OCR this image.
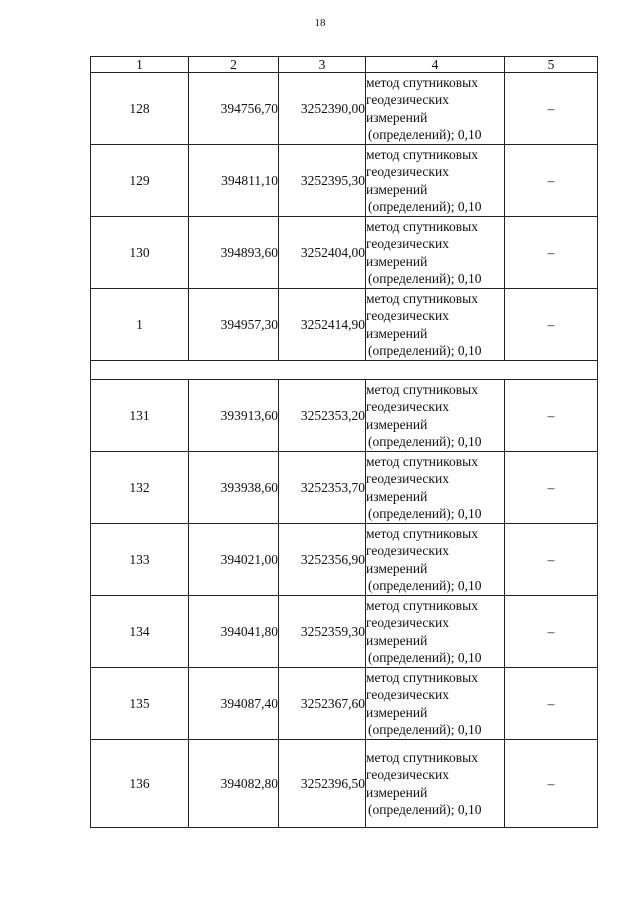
18
1	2	3	4	5
128	394756,70	3252390,00	метод спутниковых
геодезических
измерений
(определений); 0,10	–
129	394811,10	3252395,30	метод спутниковых
геодезических
измерений
(определений); 0,10	–
130	394893,60	3252404,00	метод спутниковых
геодезических
измерений
(определений); 0,10	–
1	394957,30	3252414,90	метод спутниковых
геодезических
измерений
(определений); 0,10	–

131	393913,60	3252353,20	метод спутниковых
геодезических
измерений
(определений); 0,10	–
132	393938,60	3252353,70	метод спутниковых
геодезических
измерений
(определений); 0,10	–
133	394021,00	3252356,90	метод спутниковых
геодезических
измерений
(определений); 0,10	–
134	394041,80	3252359,30	метод спутниковых
геодезических
измерений
(определений); 0,10	–
135	394087,40	3252367,60	метод спутниковых
геодезических
измерений
(определений); 0,10	–
136	394082,80	3252396,50	метод спутниковых
геодезических
измерений
(определений); 0,10	–
